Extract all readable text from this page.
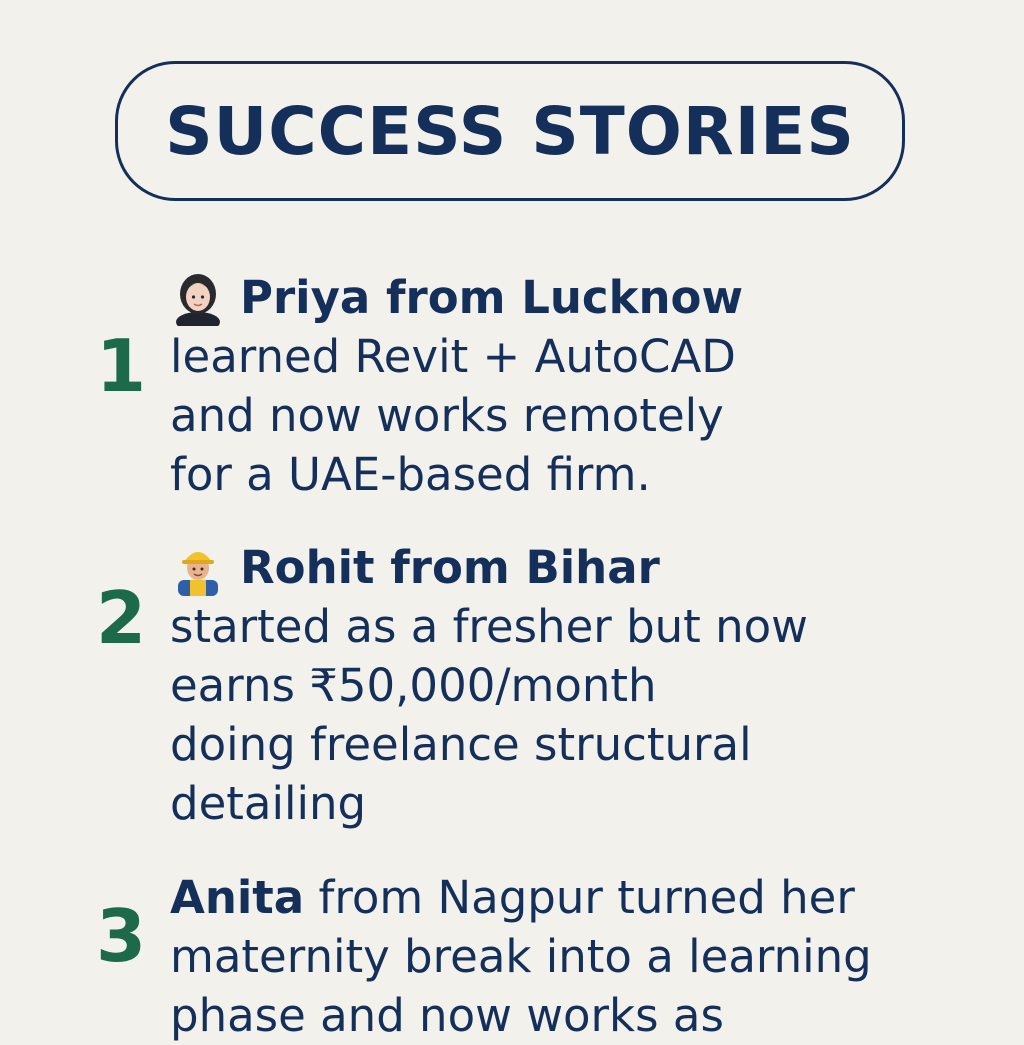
SUCCESS STORIES
1
Priya from Lucknow
learned Revit + AutoCAD
and now works remotely
for a UAE-based firm.
2
Rohit from Bihar
started as a fresher but now
earns ₹50,000/month
doing freelance structural
detailing
3 Anita from Nagpur turned her
maternity break into a learning
phase and now works as
